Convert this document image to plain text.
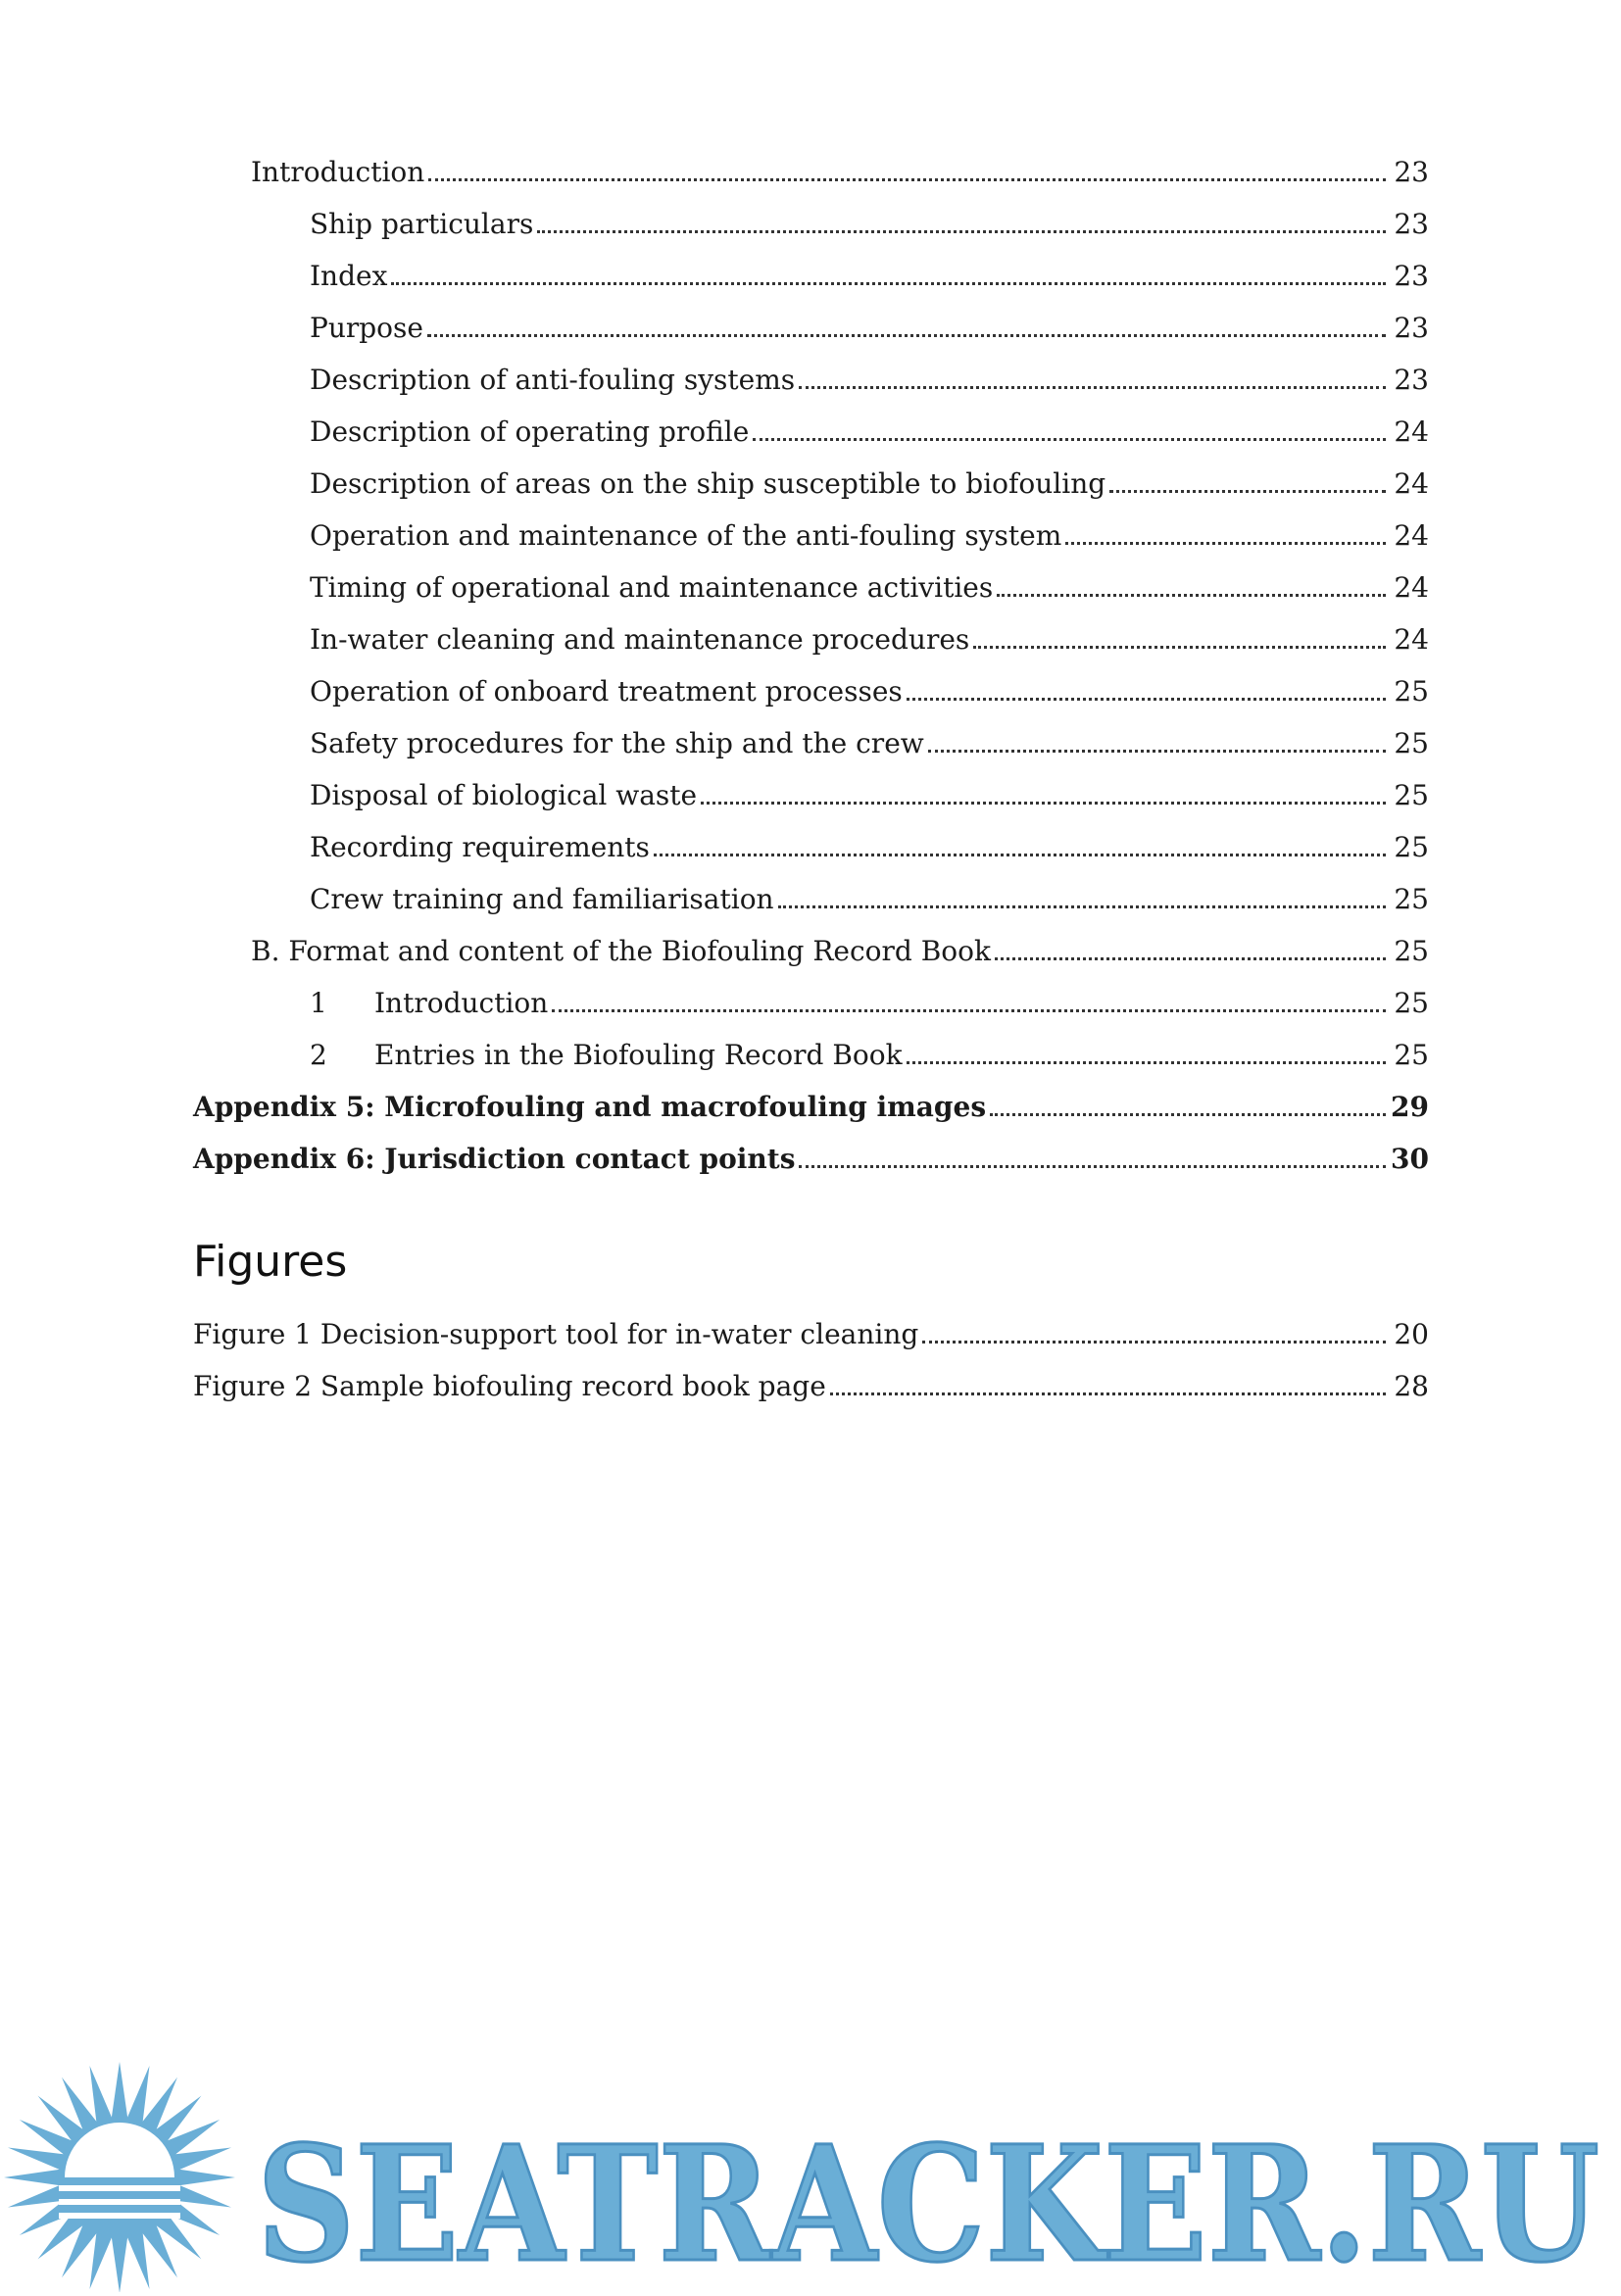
Introduction	23
Ship particulars	23
Index	23
Purpose	23
Description of anti-fouling systems	23
Description of operating profile	24
Description of areas on the ship susceptible to biofouling	24
Operation and maintenance of the anti-fouling system	24
Timing of operational and maintenance activities	24
In-water cleaning and maintenance procedures	24
Operation of onboard treatment processes	25
Safety procedures for the ship and the crew	25
Disposal of biological waste	25
Recording requirements	25
Crew training and familiarisation	25
B. Format and content of the Biofouling Record Book	25
1	Introduction	25
2	Entries in the Biofouling Record Book	25
Appendix 5: Microfouling and macrofouling images	29
Appendix 6: Jurisdiction contact points	30
Figures
Figure 1 Decision-support tool for in-water cleaning	20
Figure 2 Sample biofouling record book page	28
SEATRACKER.RU
